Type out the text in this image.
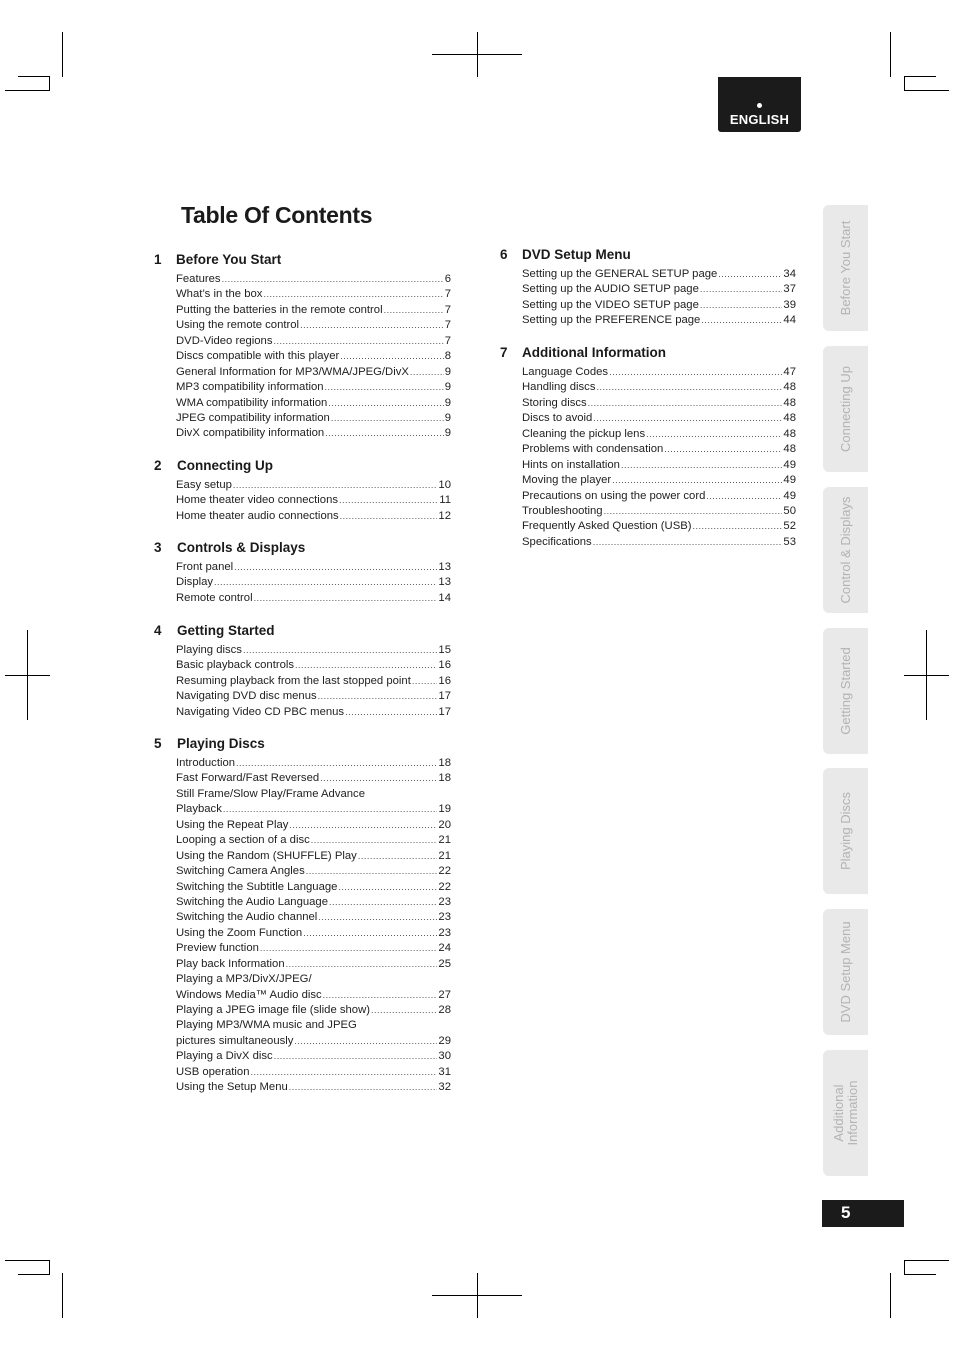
ENGLISH
Table Of Contents
1 Before You Start
Features .....	6
What’s in the box .....	7
Putting the batteries in the remote control .....	7
Using the remote control .....	7
DVD-Video regions .....	7
Discs compatible with this player .....	8
General Information for MP3/WMA/JPEG/DivX .....	9
MP3 compatibility information .....	9
WMA compatibility information .....	9
JPEG compatibility information .....	9
DivX compatibility information .....	9
2 Connecting Up
Easy setup .....	10
Home theater video connections .....	11
Home theater audio connections .....	12
3 Controls & Displays
Front panel .....	13
Display .....	13
Remote control .....	14
4 Getting Started
Playing discs .....	15
Basic playback controls .....	16
Resuming playback from the last stopped point ..... 16
Navigating DVD disc menus .....	17
Navigating Video CD PBC menus .....	17
5 Playing Discs
Introduction .....	18
Fast Forward/Fast Reversed .....	18
Still Frame/Slow Play/Frame Advance
Playback .....	19
Using the Repeat Play .....	20
Looping a section of a disc .....	21
Using the Random (SHUFFLE) Play .....	21
Switching Camera Angles .....	22
Switching the Subtitle Language .....	22
Switching the Audio Language .....	23
Switching the Audio channel .....	23
Using the Zoom Function .....	23
Preview function .....	24
Play back Information .....	25
Playing a MP3/DivX/JPEG/
Windows Media™ Audio disc .....	27
Playing a JPEG image file (slide show) .....	28
Playing MP3/WMA music and JPEG
pictures simultaneously .....	29
Playing a DivX disc .....	30
USB operation .....	31
Using the Setup Menu .....	32
6 DVD Setup Menu
Setting up the GENERAL SETUP page .....	34
Setting up the AUDIO SETUP page .....	37
Setting up the VIDEO SETUP page .....	39
Setting up the PREFERENCE page .....	44
7 Additional Information
Language Codes .....	47
Handling discs .....	48
Storing discs .....	48
Discs to avoid .....	48
Cleaning the pickup lens .....	48
Problems with condensation .....	48
Hints on installation .....	49
Moving the player .....	49
Precautions on using the power cord .....	49
Troubleshooting .....	50
Frequently Asked Question (USB) .....	52
Specifications .....	53
Before You Start
Connecting Up
Control & Displays
Getting Started
Playing Discs
DVD Setup Menu
Additional Information
5
